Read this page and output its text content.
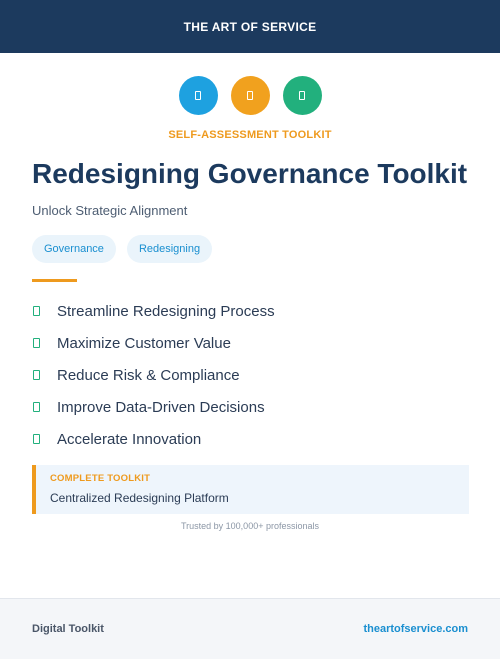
THE ART OF SERVICE
SELF-ASSESSMENT TOOLKIT
Redesigning Governance Toolkit
Unlock Strategic Alignment
Governance	Redesigning
Streamline Redesigning Process
Maximize Customer Value
Reduce Risk & Compliance
Improve Data-Driven Decisions
Accelerate Innovation
COMPLETE TOOLKIT
Centralized Redesigning Platform
Trusted by 100,000+ professionals
Digital Toolkit	theartofservice.com
